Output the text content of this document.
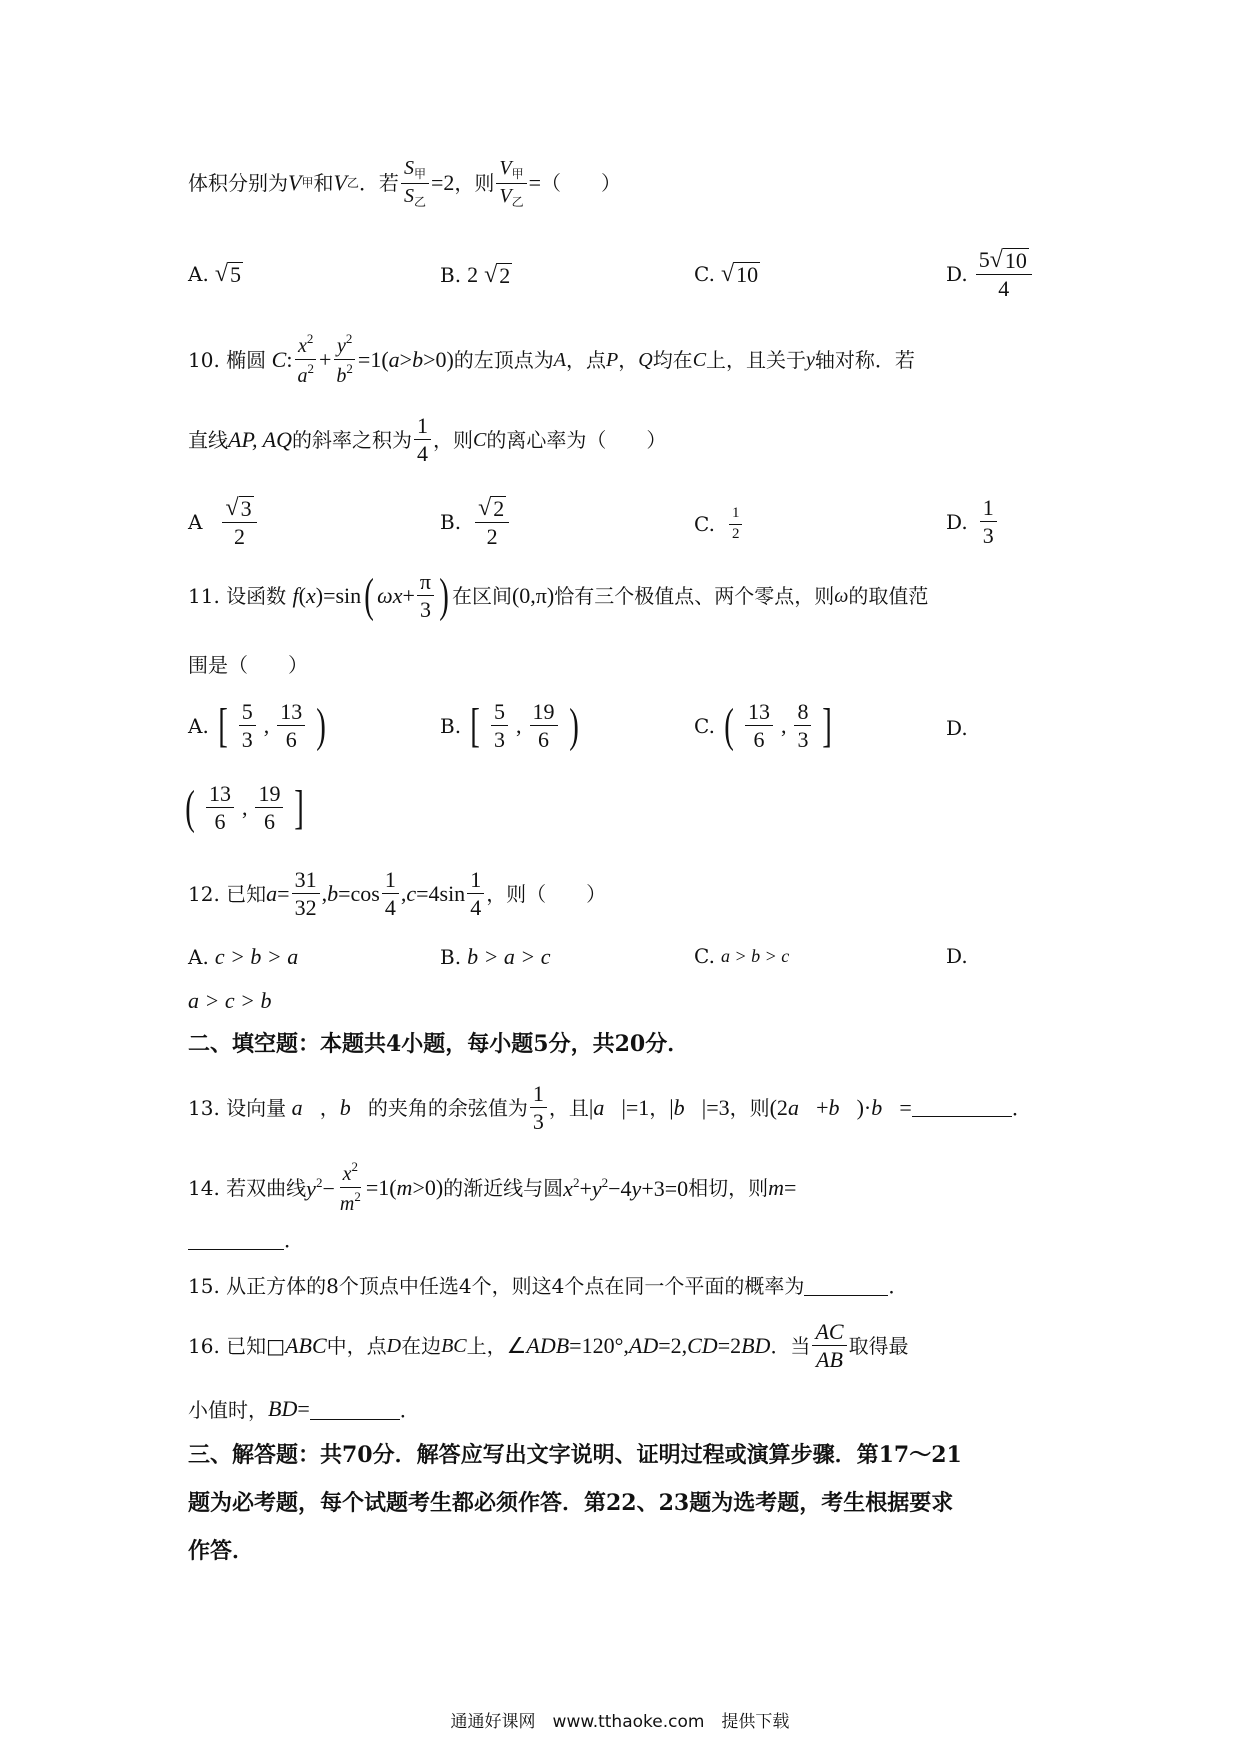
体积分别为 V 甲 和 V 乙 ．若 $\frac{S_甲}{S_乙} =2$ ，则 $\frac{V_甲}{V_乙}$ = （　　）
A. √ 5	B. 2 √ 2	C. √ 10	D. $\frac{5 √ 10}{4}$
10. 椭圆 C : $\frac{x^2}{a^2} + \frac{y^2}{b^2} =1(a>b>0)$ 的左顶点为 A ，点 P ， Q 均在 C 上，且关于 y 轴对称．若
直线 AP, AQ 的斜率之积为 $\frac{1}{4}$ ，则 C 的离心率为（　　）
A $\frac{√ 3}{2}$	B. $\frac{√ 2}{2}$	C. $\frac{1}{2}$	D. $\frac{1}{3}$
11. 设函数 f(x)=sin ( $\omega x+ \frac{\pi}{3}$ ) 在区间 (0,π) 恰有三个极值点、两个零点，则 ω 的取值范
围是（　　）
A. [ $\frac{5}{3}$ , $\frac{13}{6}$ )	B. [ $\frac{5}{3}$ , $\frac{19}{6}$ )	C. ( $\frac{13}{6}$ , $\frac{8}{3}$ ]	D.
( $\frac{13}{6}$ , $\frac{19}{6}$ ]
12. 已知 $a= \frac{31}{32} ,b=\cos \frac{1}{4} ,c=4\sin \frac{1}{4}$ ，则（　　）
A. c > b > a	B. b > a > c	C. a > b > c	D.
a > c > b
二、填空题：本题共4小题，每小题5分，共20分．
13. 设向量 a⃗ ， b⃗ 的夹角的余弦值为 $\frac{1}{3}$ ，且 |a⃗|=1 ， |b⃗|=3 ，则 (2a⃗+b⃗)·b⃗=	．
14. 若双曲线 $y^2- \frac{x^2}{m^2} =1(m>0)$ 的渐近线与圆 $x^2+y^2-4y+3=0$ 相切，则 m=
．
15. 从正方体的8个顶点中任选4个，则这4个点在同一个平面的概率为	．
16. 已知□ ABC 中，点 D 在边 BC 上， ∠ADB=120°,AD=2,CD=2BD ．当 $\frac{AC}{AB}$ 取得最
小值时， BD=	．
三、解答题：共70分．解答应写出文字说明、证明过程或演算步骤．第17～21
题为必考题，每个试题考生都必须作答．第22、23题为选考题，考生根据要求
作答．
通通好课网　www.tthaoke.com　提供下载
